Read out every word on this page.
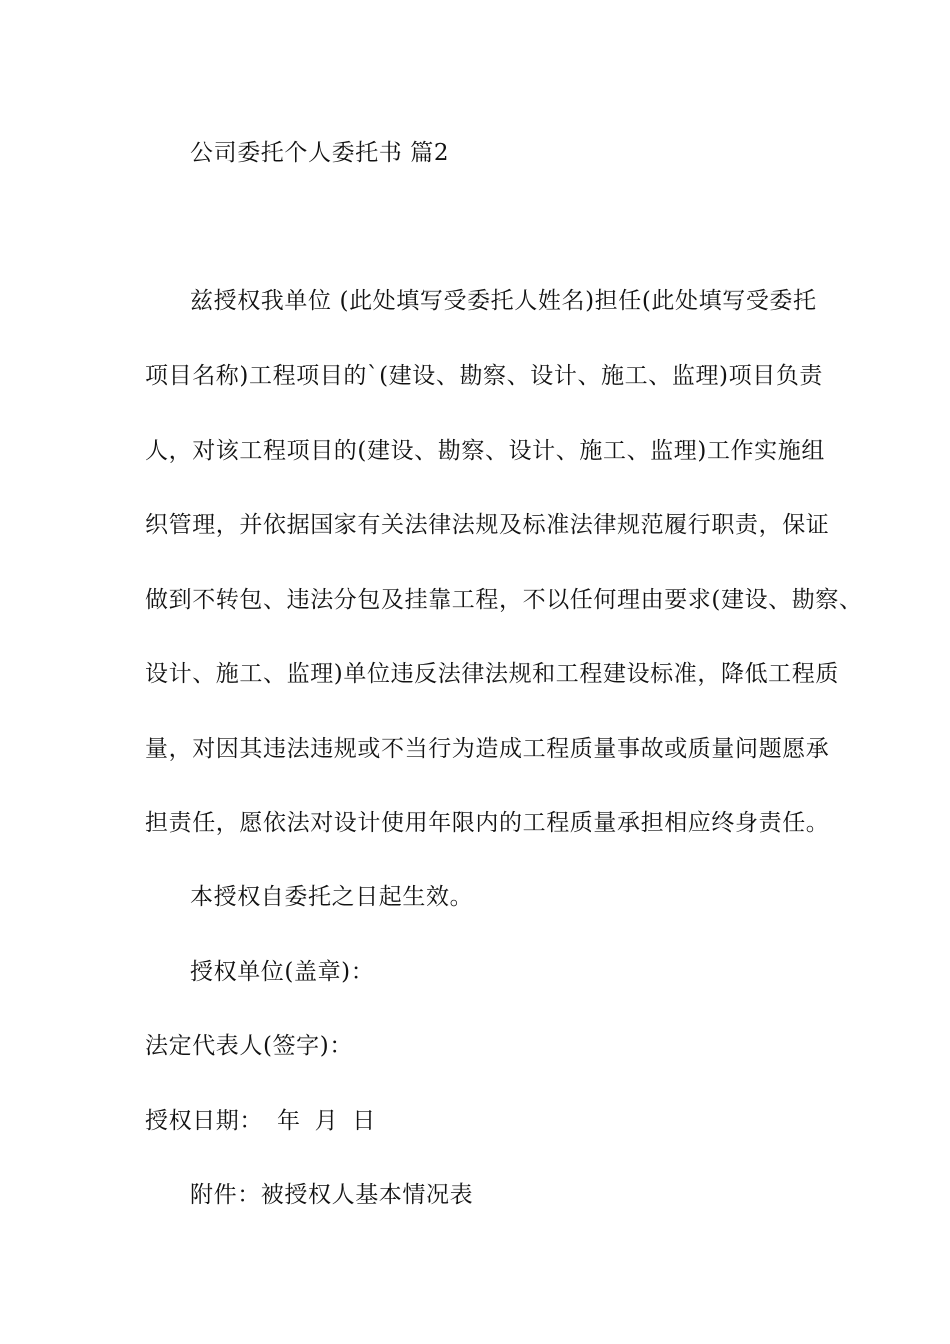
公司委托个人委托书 篇2
兹授权我单位 (此处填写受委托人姓名)担任(此处填写受委托
项目名称)工程项目的`(建设、勘察、设计、施工、监理)项目负责
人，对该工程项目的(建设、勘察、设计、施工、监理)工作实施组
织管理，并依据国家有关法律法规及标准法律规范履行职责，保证
做到不转包、违法分包及挂靠工程，不以任何理由要求(建设、勘察、
设计、施工、监理)单位违反法律法规和工程建设标准，降低工程质
量，对因其违法违规或不当行为造成工程质量事故或质量问题愿承
担责任，愿依法对设计使用年限内的工程质量承担相应终身责任。
本授权自委托之日起生效。
授权单位(盖章)：
法定代表人(签字)：
授权日期： 年 月 日
附件：被授权人基本情况表
